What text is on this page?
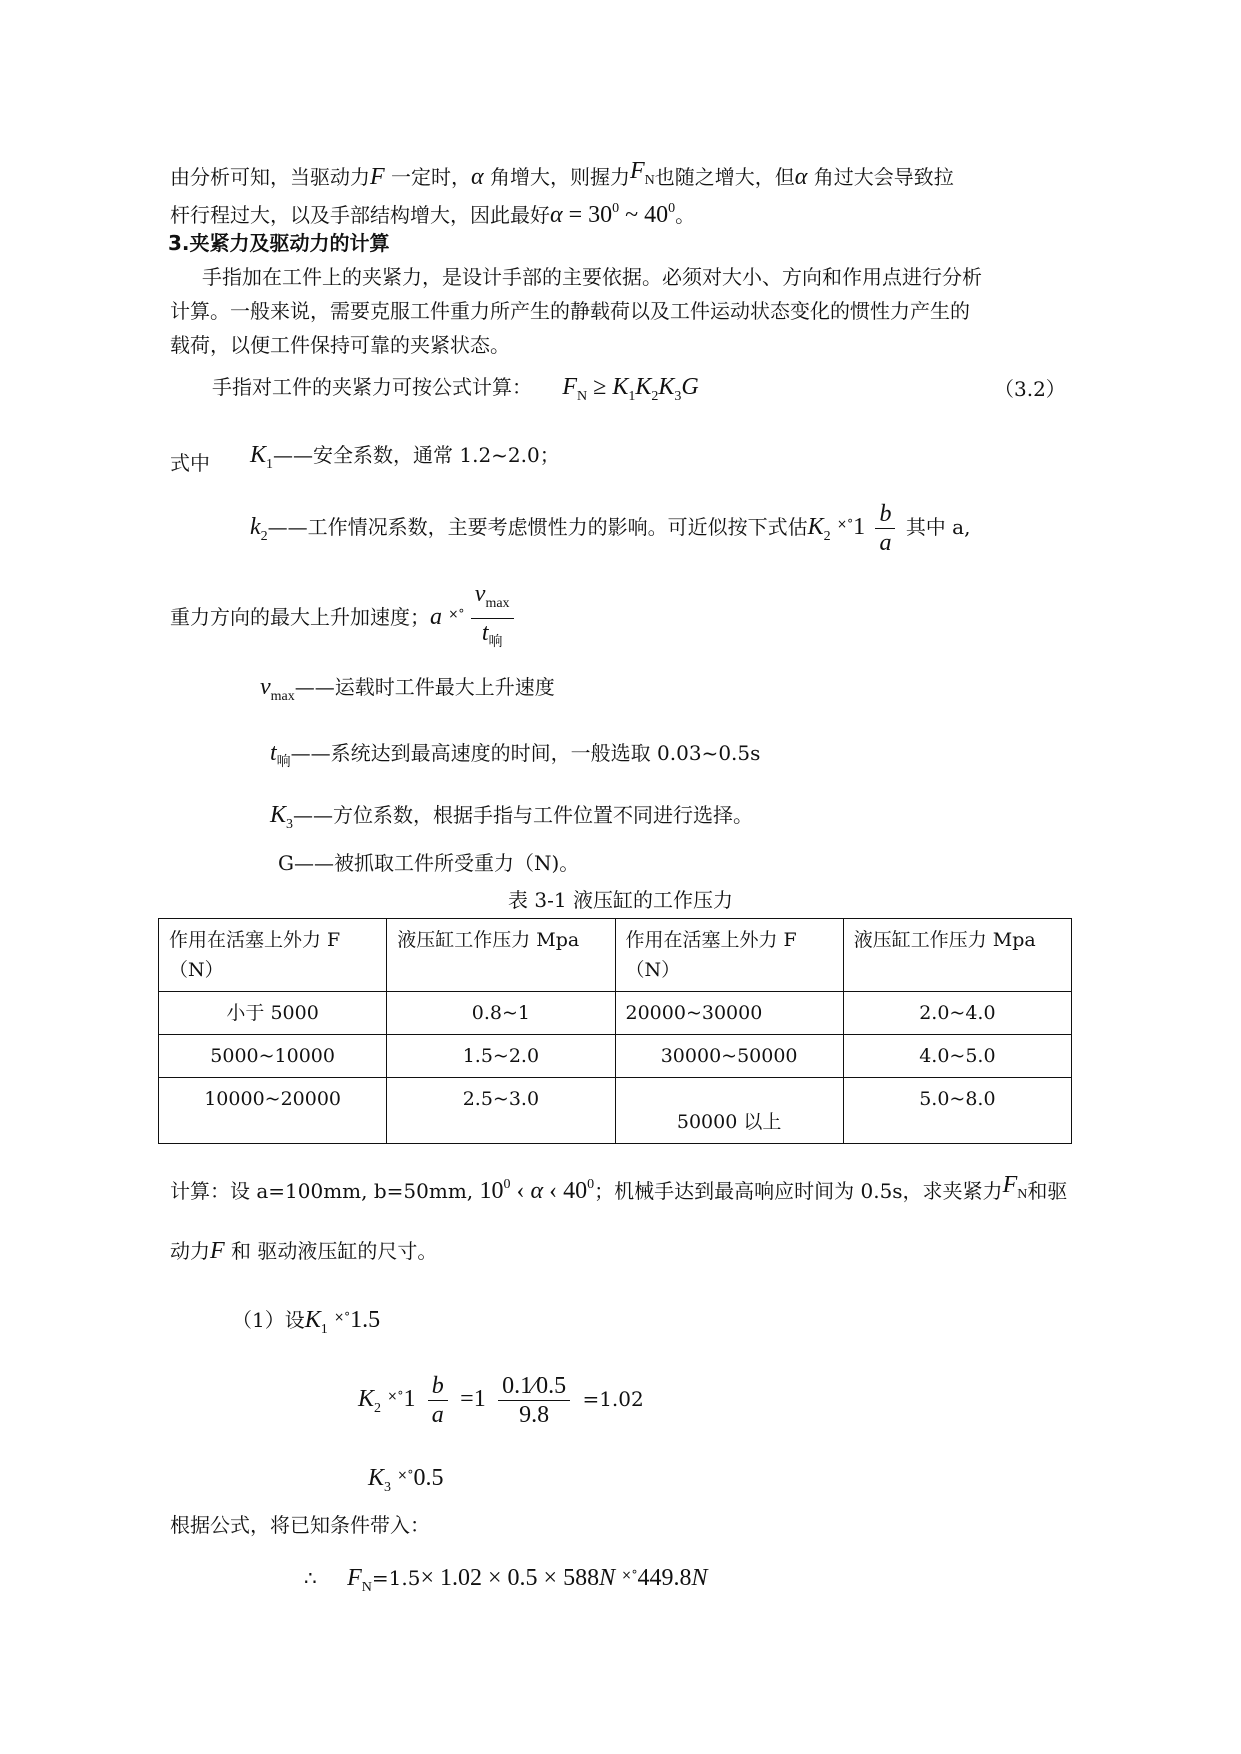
由分析可知，当驱动力F 一定时，α 角增大，则握力$F_N$也随之增大，但α 角过大会导致拉
杆行程过大，以及手部结构增大，因此最好$\alpha = 30^0$ ~ $40^0$。
3.夹紧力及驱动力的计算
手指加在工件上的夹紧力，是设计手部的主要依据。必须对大小、方向和作用点进行分析
计算。一般来说，需要克服工件重力所产生的静载荷以及工件运动状态变化的惯性力产生的
载荷，以便工件保持可靠的夹紧状态。
手指对工件的夹紧力可按公式计算： $F_N \ge K_1K_2K_3G$	（3.2）
式中 $K_1——$安全系数，通常 1.2~2.0；
$k_2——$工作情况系数，主要考虑惯性力的影响。可近似按下式估$K_2$ $^{\times^\circ}1 \frac{b}{a}$ 其中 a,
重力方向的最大上升加速度；a $^{\times^\circ} \frac{v_{max}}{t_响}$
$v_{max}——$运载时工件最大上升速度
$t_响——$系统达到最高速度的时间，一般选取 0.03~0.5s
$K_3——$方位系数，根据手指与工件位置不同进行选择。
G——被抓取工件所受重力（N)。
表 3-1 液压缸的工作压力
作用在活塞上外力 F（N）	液压缸工作压力 Mpa	作用在活塞上外力 F（N）	液压缸工作压力 Mpa
小于 5000	0.8~1	20000~30000	2.0~4.0
5000~10000	1.5~2.0	30000~50000	4.0~5.0
10000~20000	2.5~3.0	50000 以上	5.0~8.0
计算：设 a=100mm, b=50mm, $10^0$ ‹ α ‹ $40^0$；机械手达到最高响应时间为 0.5s，求夹紧力$F_N$和驱
动力F 和 驱动液压缸的尺寸。
（1）设$K_1$ ×°1.5
$K_2$ $^{\times^\circ}1 \frac{b}{a} =1 \frac{0.1⁄0.5}{9.8} =1.02$
$K_3$ ×°0.5
根据公式，将已知条件带入：
∴ $F_N=1.5\times 1.02 \times 0.5 \times 588N$ ×°449.8N
